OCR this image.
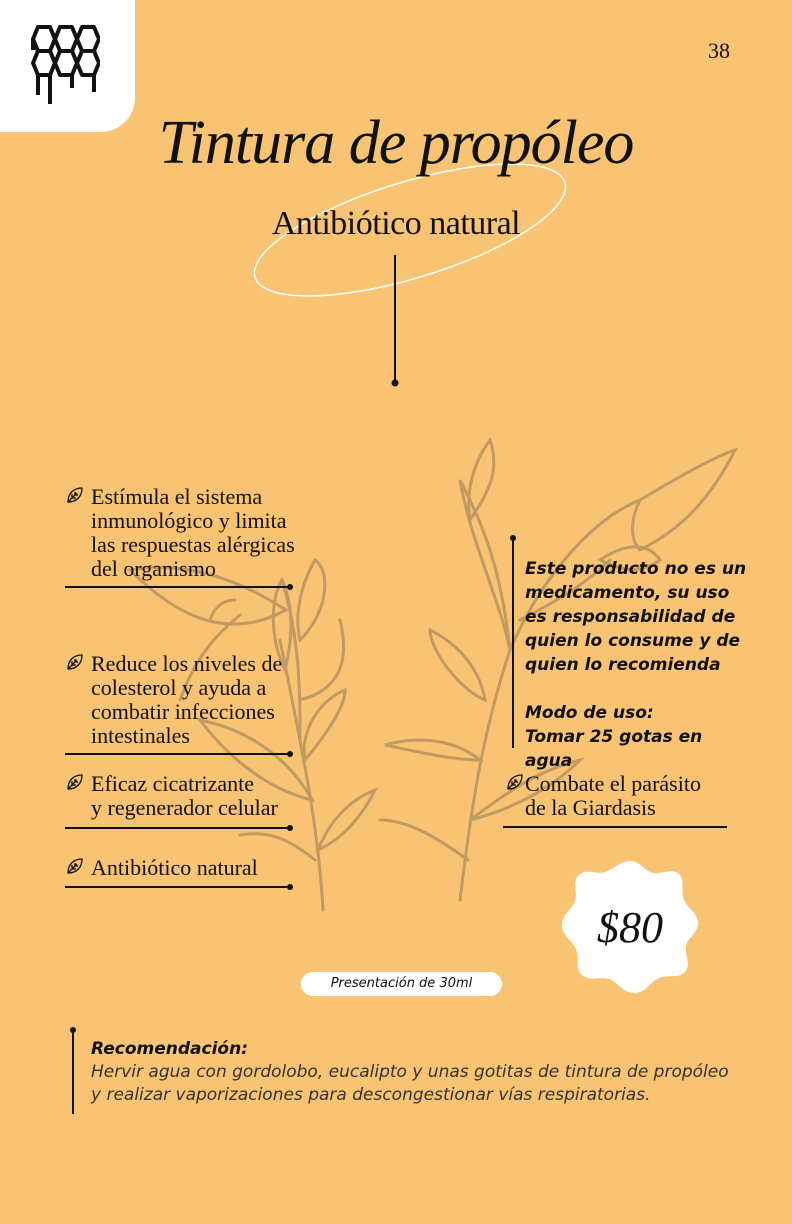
38
Tintura de propóleo
Antibiótico natural
Estímula el sistema
inmunológico y limita
las respuestas alérgicas
del organismo
Reduce los niveles de
colesterol y ayuda a
combatir infecciones
intestinales
Eficaz cicatrizante
y regenerador celular
Antibiótico natural

Este producto no es un
medicamento, su uso
es responsabilidad de
quien lo consume y de
quien lo recomienda

Modo de uso:
Tomar 25 gotas en agua
Combate el parásito
de la Giardasis
$80
Presentación de 30ml
Recomendación:
Hervir agua con gordolobo, eucalipto y unas gotitas de tintura de propóleo
y realizar vaporizaciones para descongestionar vías respiratorias.
